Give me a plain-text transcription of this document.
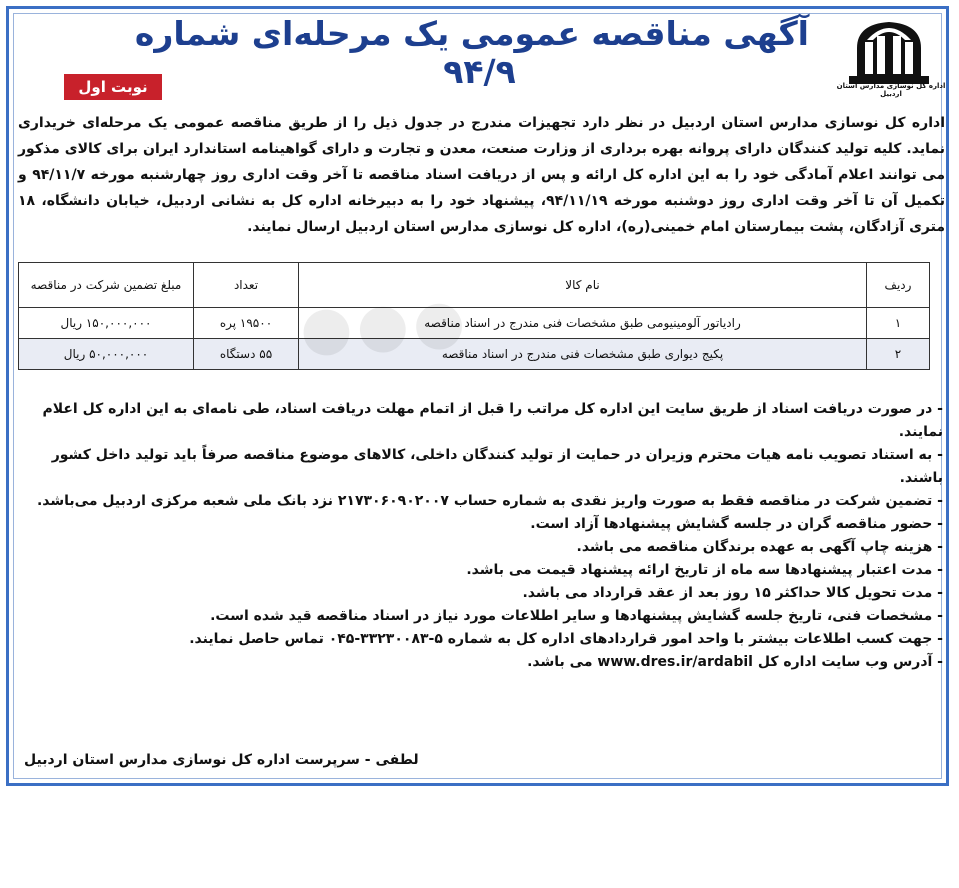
اداره کل نوسازی مدارس استان اردبیل
آگهی مناقصه عمومی یک مرحله‌ای شماره
۹۴/۹
نوبت اول
اداره کل نوسازی مدارس استان اردبیل در نظر دارد تجهیزات مندرج در جدول ذیل را از طریق مناقصه عمومی یک مرحله‌ای خریداری نماید. کلیه تولید کنندگان دارای پروانه بهره برداری از وزارت صنعت، معدن و تجارت و دارای گواهینامه استاندارد ایران برای کالای مذکور می توانند اعلام آمادگی خود را به این اداره کل ارائه و پس از دریافت اسناد مناقصه تا آخر وقت اداری روز چهارشنبه مورخه ۹۴/۱۱/۷ و تکمیل آن تا آخر وقت اداری روز دوشنبه مورخه ۹۴/۱۱/۱۹، پیشنهاد خود را به دبیرخانه اداره کل به نشانی اردبیل، خیابان دانشگاه، ۱۸ متری آزادگان، پشت بیمارستان امام خمینی(ره)، اداره کل نوسازی مدارس استان اردبیل ارسال نمایند.
ردیف	نام کالا	تعداد	مبلغ تضمین شرکت در مناقصه
۱	رادیاتور آلومینیومی طبق مشخصات فنی مندرج در اسناد مناقصه	۱۹۵۰۰ پره	۱۵۰,۰۰۰,۰۰۰ ریال
۲	پکیج دیواری طبق مشخصات فنی مندرج در اسناد مناقصه	۵۵ دستگاه	۵۰,۰۰۰,۰۰۰ ریال
- در صورت دریافت اسناد از طریق سایت این اداره کل مراتب را قبل از اتمام مهلت دریافت اسناد، طی نامه‌ای به این اداره کل اعلام نمایند.
- به استناد تصویب نامه هیات محترم وزیران در حمایت از تولید کنندگان داخلی، کالاهای موضوع مناقصه صرفاً باید تولید داخل کشور باشند.
- تضمین شرکت در مناقصه فقط به صورت واریز نقدی به شماره حساب ۲۱۷۳۰۶۰۹۰۲۰۰۷ نزد بانک ملی شعبه مرکزی اردبیل می‌باشد.
- حضور مناقصه گران در جلسه گشایش پیشنهادها آزاد است.
- هزینه چاپ آگهی به عهده برندگان مناقصه می باشد.
- مدت اعتبار پیشنهادها سه ماه از تاریخ ارائه پیشنهاد قیمت می باشد.
- مدت تحویل کالا حداکثر ۱۵ روز بعد از عقد قرارداد می باشد.
- مشخصات فنی، تاریخ جلسه گشایش پیشنهادها و سایر اطلاعات مورد نیاز در اسناد مناقصه قید شده است.
- جهت کسب اطلاعات بیشتر با واحد امور قراردادهای اداره کل به شماره ۵-۳۳۲۳۰۰۸۳-۰۴۵ تماس حاصل نمایند.
- آدرس وب سایت اداره کل www.dres.ir/ardabil می باشد.
لطفی - سرپرست اداره کل نوسازی مدارس استان اردبیل
